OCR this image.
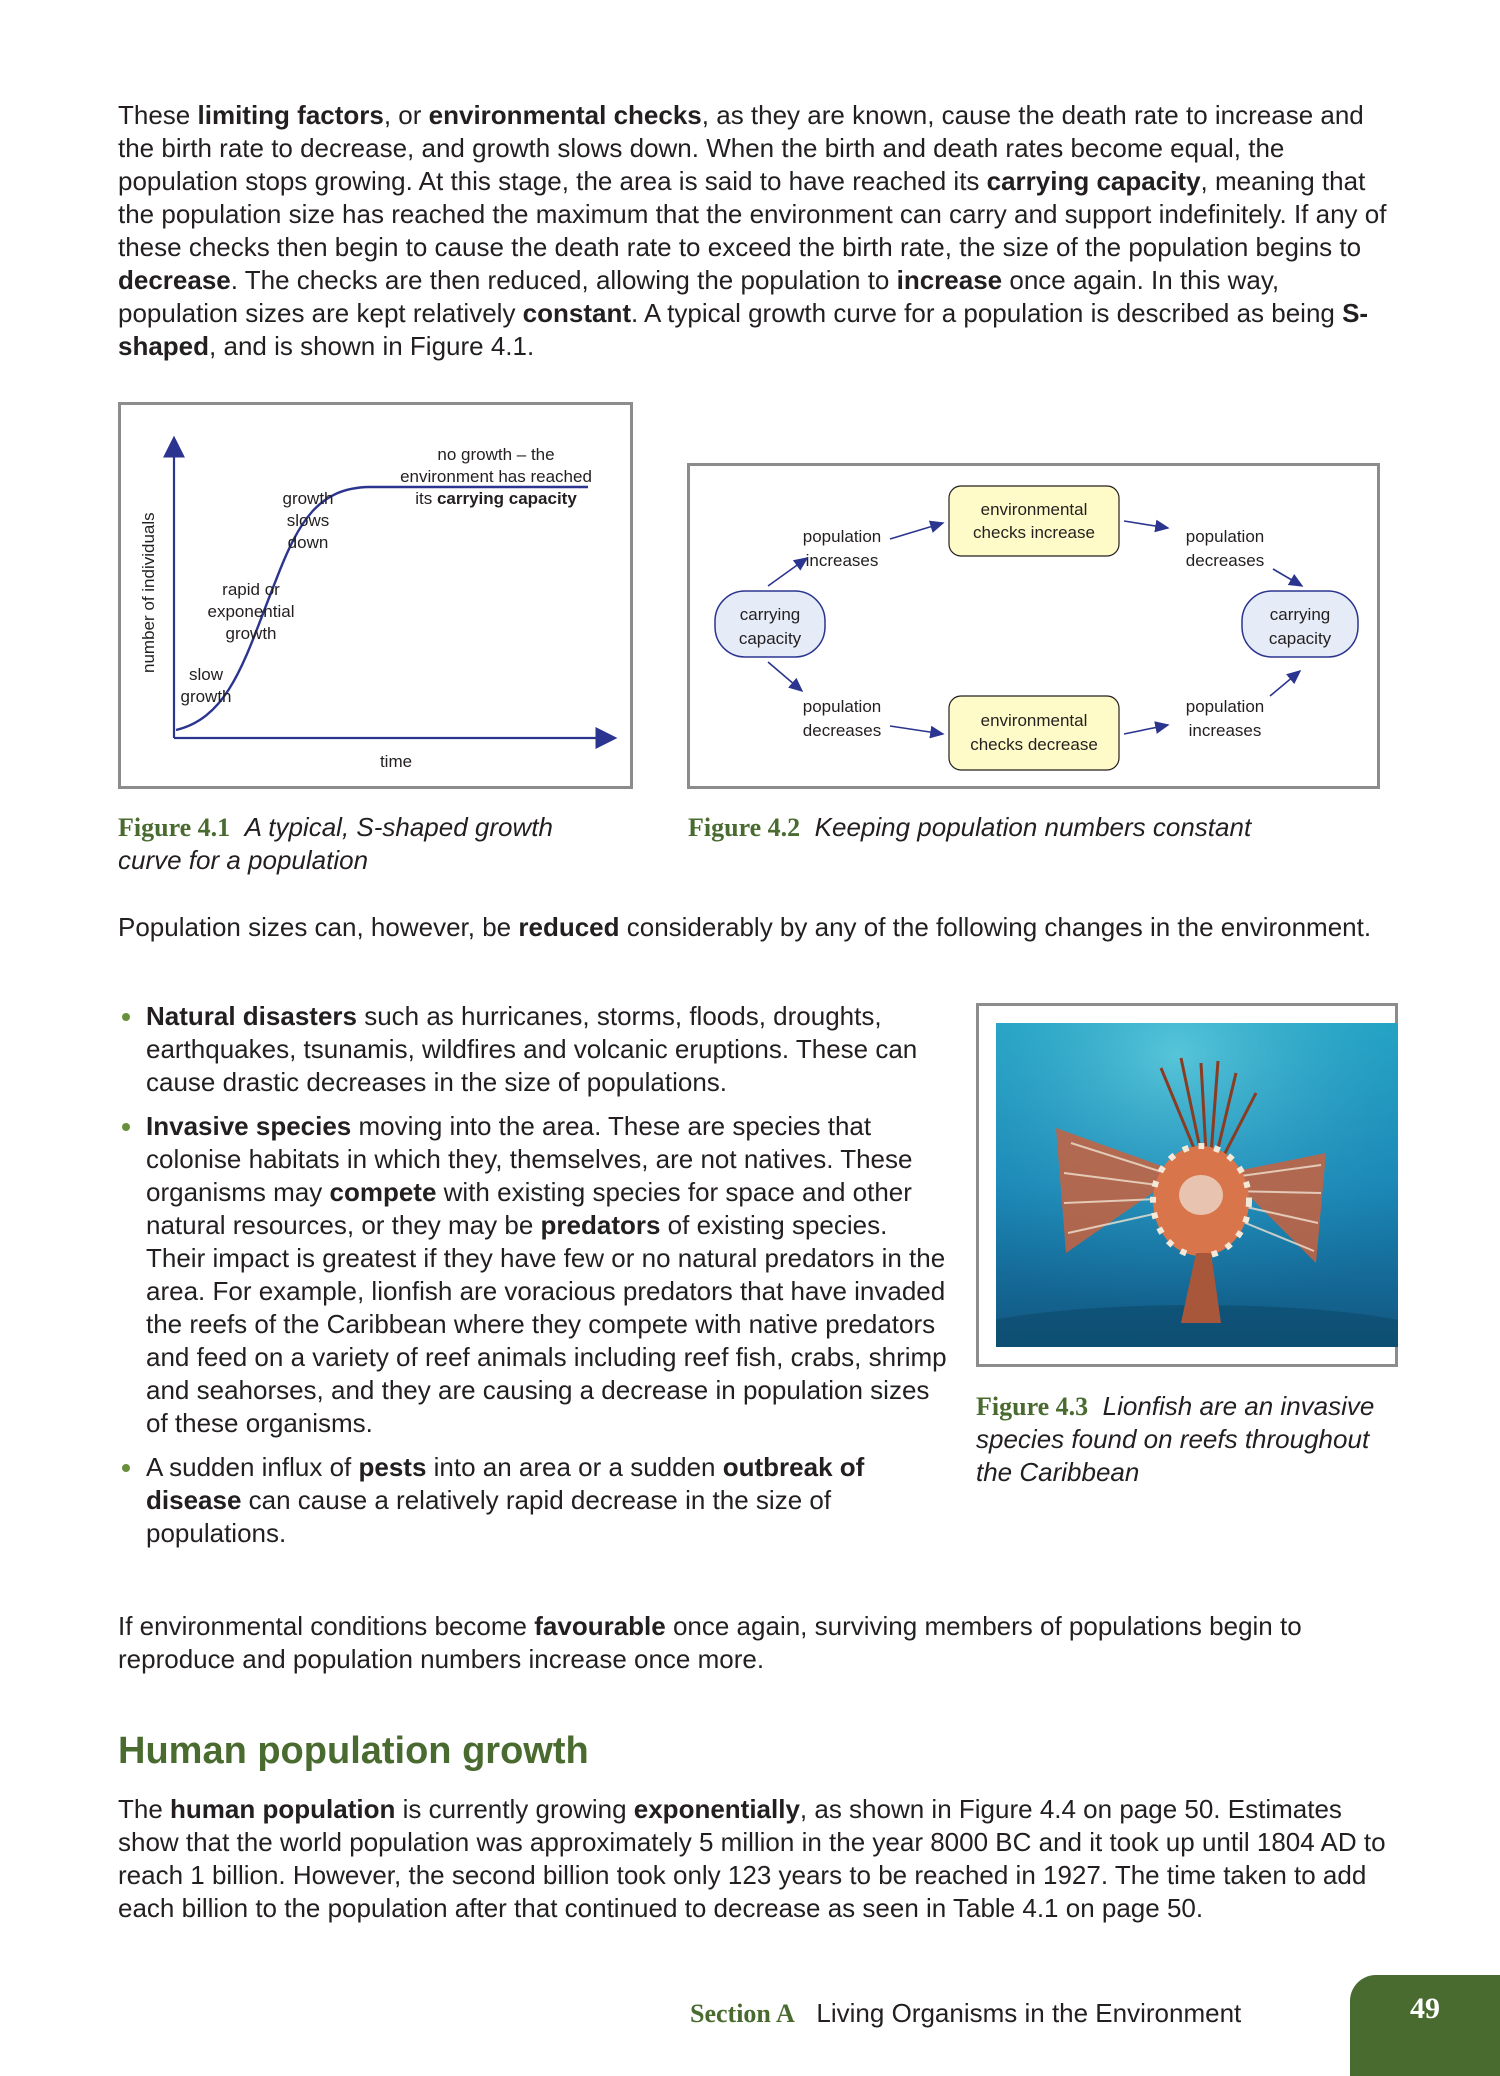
These limiting factors, or environmental checks, as they are known, cause the death rate to increase and the birth rate to decrease, and growth slows down. When the birth and death rates become equal, the population stops growing. At this stage, the area is said to have reached its carrying capacity, meaning that the population size has reached the maximum that the environment can carry and support indefinitely. If any of these checks then begin to cause the death rate to exceed the birth rate, the size of the population begins to decrease. The checks are then reduced, allowing the population to increase once again. In this way, population sizes are kept relatively constant. A typical growth curve for a population is described as being S-shaped, and is shown in Figure 4.1.

number of individuals
time
slow
growth
rapid or
exponential
growth
growth
slows
down
no growth – the
environment has reached
its carrying capacity
Figure 4.1 A typical, S-shaped growth curve for a population
carrying
capacity
carrying
capacity
environmental
checks increase
environmental
checks decrease
population
increases
population
decreases
population
decreases
population
increases
Figure 4.2 Keeping population numbers constant

Population sizes can, however, be reduced considerably by any of the following changes in the environment.

Natural disasters such as hurricanes, storms, floods, droughts, earthquakes, tsunamis, wildfires and volcanic eruptions. These can cause drastic decreases in the size of populations.
Invasive species moving into the area. These are species that colonise habitats in which they, themselves, are not natives. These organisms may compete with existing species for space and other natural resources, or they may be predators of existing species. Their impact is greatest if they have few or no natural predators in the area. For example, lionfish are voracious predators that have invaded the reefs of the Caribbean where they compete with native predators and feed on a variety of reef animals including reef fish, crabs, shrimp and seahorses, and they are causing a decrease in population sizes of these organisms.
A sudden influx of pests into an area or a sudden outbreak of disease can cause a relatively rapid decrease in the size of populations.
Figure 4.3 Lionfish are an invasive species found on reefs throughout the Caribbean

If environmental conditions become favourable once again, surviving members of populations begin to reproduce and population numbers increase once more.

Human population growth

The human population is currently growing exponentially, as shown in Figure 4.4 on page 50. Estimates show that the world population was approximately 5 million in the year 8000 BC and it took up until 1804 AD to reach 1 billion. However, the second billion took only 123 years to be reached in 1927. The time taken to add each billion to the population after that continued to decrease as seen in Table 4.1 on page 50.

Section A Living Organisms in the Environment	49
